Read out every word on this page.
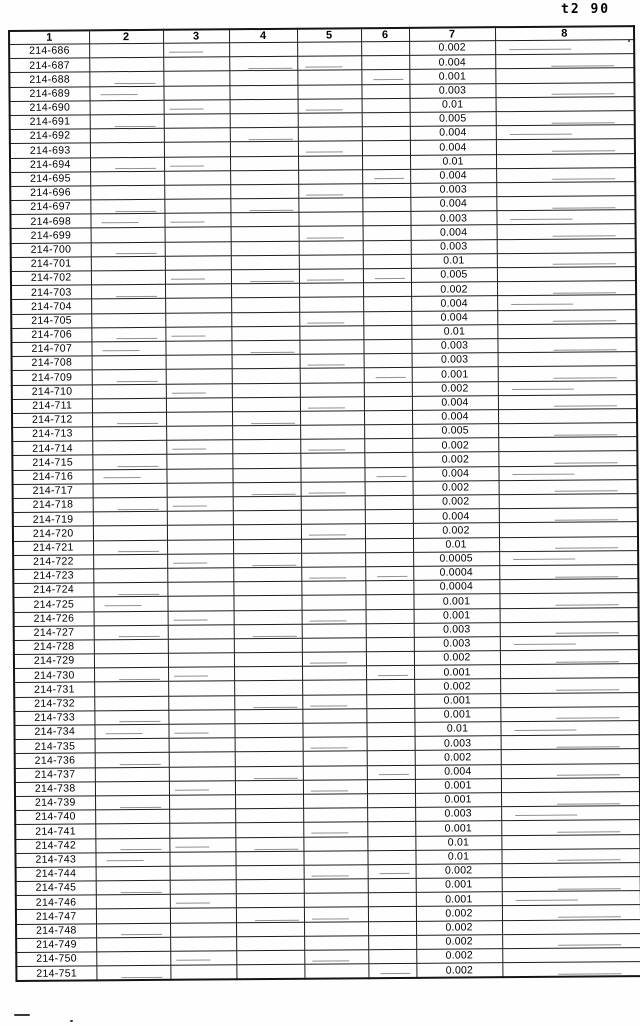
t2 90
1	2	3	4	5	6	7	8
214-686						0.002	
214-687						0.004	
214-688						0.001	
214-689						0.003	
214-690						0.01	
214-691						0.005	
214-692						0.004	
214-693						0.004	
214-694						0.01	
214-695						0.004	
214-696						0.003	
214-697						0.004	
214-698						0.003	
214-699						0.004	
214-700						0.003	
214-701						0.01	
214-702						0.005	
214-703						0.002	
214-704						0.004	
214-705						0.004	
214-706						0.01	
214-707						0.003	
214-708						0.003	
214-709						0.001	
214-710						0.002	
214-711						0.004	
214-712						0.004	
214-713						0.005	
214-714						0.002	
214-715						0.002	
214-716						0.004	
214-717						0.002	
214-718						0.002	
214-719						0.004	
214-720						0.002	
214-721						0.01	
214-722						0.0005	
214-723						0.0004	
214-724						0.0004	
214-725						0.001	
214-726						0.001	
214-727						0.003	
214-728						0.003	
214-729						0.002	
214-730						0.001	
214-731						0.002	
214-732						0.001	
214-733						0.001	
214-734						0.01	
214-735						0.003	
214-736						0.002	
214-737						0.004	
214-738						0.001	
214-739						0.001	
214-740						0.003	
214-741						0.001	
214-742						0.01	
214-743						0.01	
214-744						0.002	
214-745						0.001	
214-746						0.001	
214-747						0.002	
214-748						0.002	
214-749						0.002	
214-750						0.002	
214-751						0.002	
